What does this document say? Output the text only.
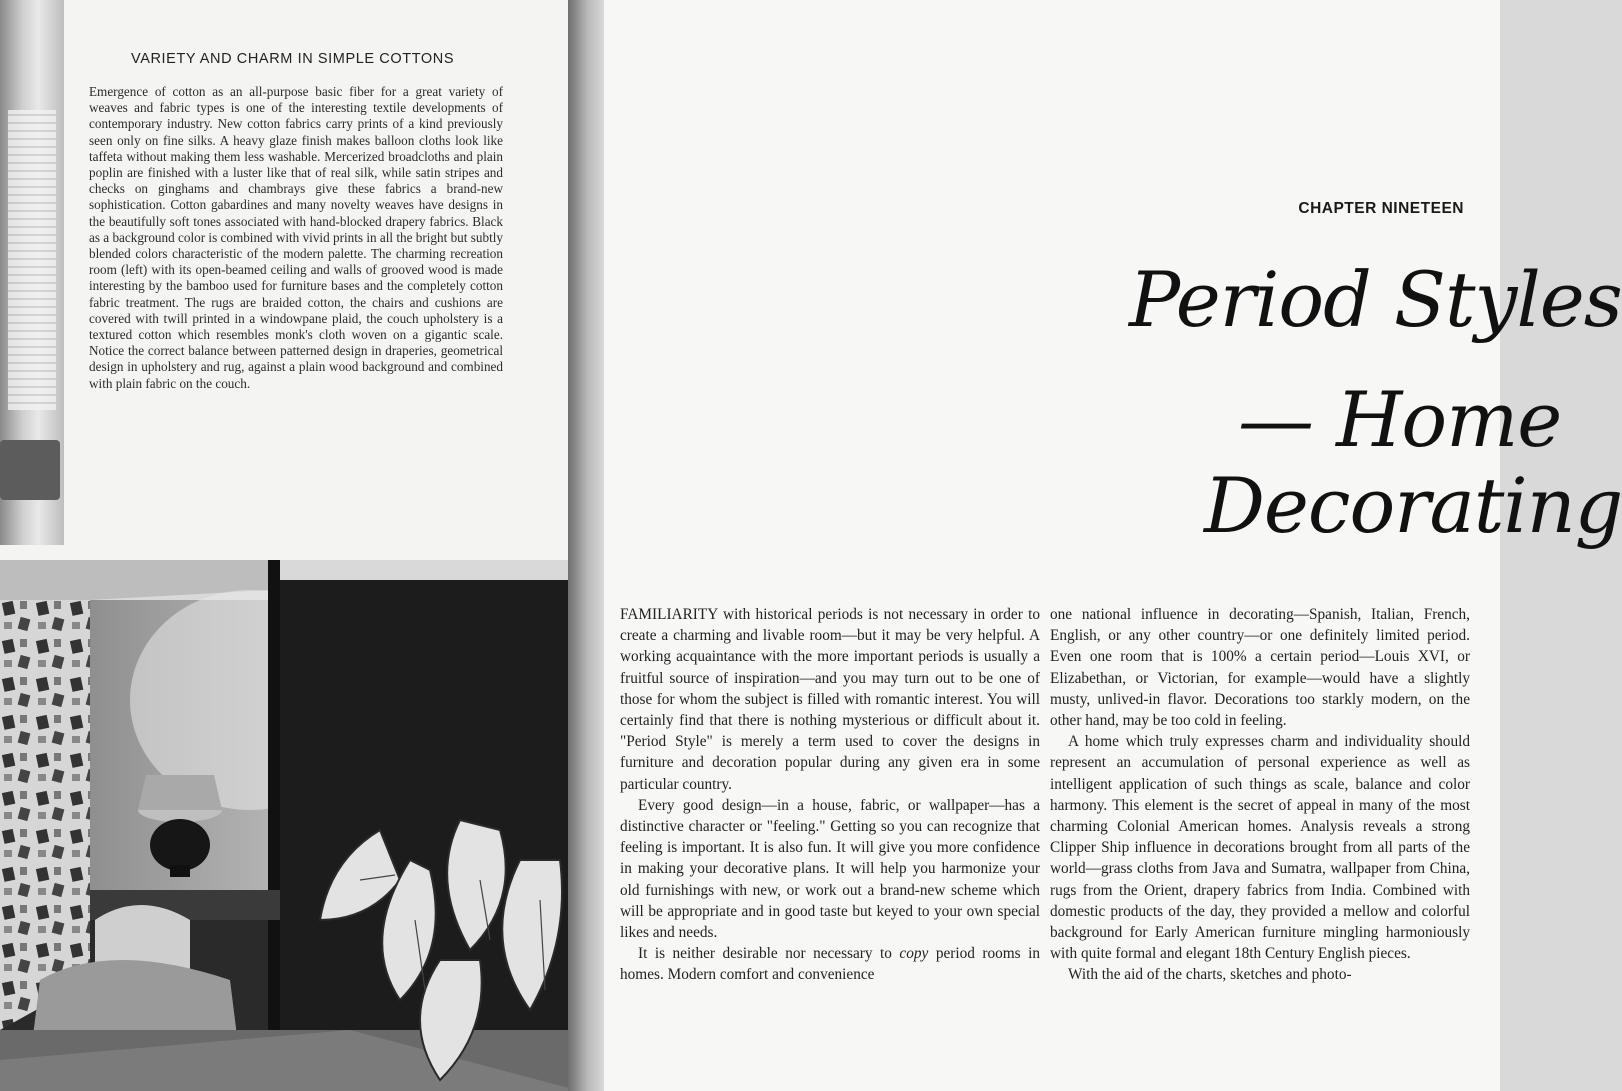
VARIETY AND CHARM IN SIMPLE COTTONS

Emergence of cotton as an all-purpose basic fiber for a great variety of weaves and fabric types is one of the interesting textile developments of contemporary industry. New cotton fabrics carry prints of a kind previously seen only on fine silks. A heavy glaze finish makes balloon cloths look like taffeta without making them less washable. Mercerized broadcloths and plain poplin are finished with a luster like that of real silk, while satin stripes and checks on ginghams and chambrays give these fabrics a brand-new sophistication. Cotton gabardines and many novelty weaves have designs in the beautifully soft tones associated with hand-blocked drapery fabrics. Black as a background color is combined with vivid prints in all the bright but subtly blended colors characteristic of the modern palette. The charming recreation room (left) with its open-beamed ceiling and walls of grooved wood is made interesting by the bamboo used for furniture bases and the completely cotton fabric treatment. The rugs are braided cotton, the chairs and cushions are covered with twill printed in a windowpane plaid, the couch upholstery is a textured cotton which resembles monk's cloth woven on a gigantic scale. Notice the correct balance between patterned design in draperies, geometrical design in upholstery and rug, against a plain wood background and combined with plain fabric on the couch.

CHAPTER NINETEEN
Period Styles
— Home
Decorating

FAMILIARITY with historical periods is not necessary in order to create a charming and livable room—but it may be very helpful. A working acquaintance with the more important periods is usually a fruitful source of inspiration—and you may turn out to be one of those for whom the subject is filled with romantic interest. You will certainly find that there is nothing mysterious or difficult about it. "Period Style" is merely a term used to cover the designs in furniture and decoration popular during any given era in some particular country.

Every good design—in a house, fabric, or wallpaper—has a distinctive character or "feeling." Getting so you can recognize that feeling is important. It is also fun. It will give you more confidence in making your decorative plans. It will help you harmonize your old furnishings with new, or work out a brand-new scheme which will be appropriate and in good taste but keyed to your own special likes and needs.

It is neither desirable nor necessary to copy period rooms in homes. Modern comfort and convenience

one national influence in decorating—Spanish, Italian, French, English, or any other country—or one definitely limited period. Even one room that is 100% a certain period—Louis XVI, or Elizabethan, or Victorian, for example—would have a slightly musty, unlived-in flavor. Decorations too starkly modern, on the other hand, may be too cold in feeling.

A home which truly expresses charm and individuality should represent an accumulation of personal experience as well as intelligent application of such things as scale, balance and color harmony. This element is the secret of appeal in many of the most charming Colonial American homes. Analysis reveals a strong Clipper Ship influence in decorations brought from all parts of the world—grass cloths from Java and Sumatra, wallpaper from China, rugs from the Orient, drapery fabrics from India. Combined with domestic products of the day, they provided a mellow and colorful background for Early American furniture mingling harmoniously with quite formal and elegant 18th Century English pieces.

With the aid of the charts, sketches and photo-
